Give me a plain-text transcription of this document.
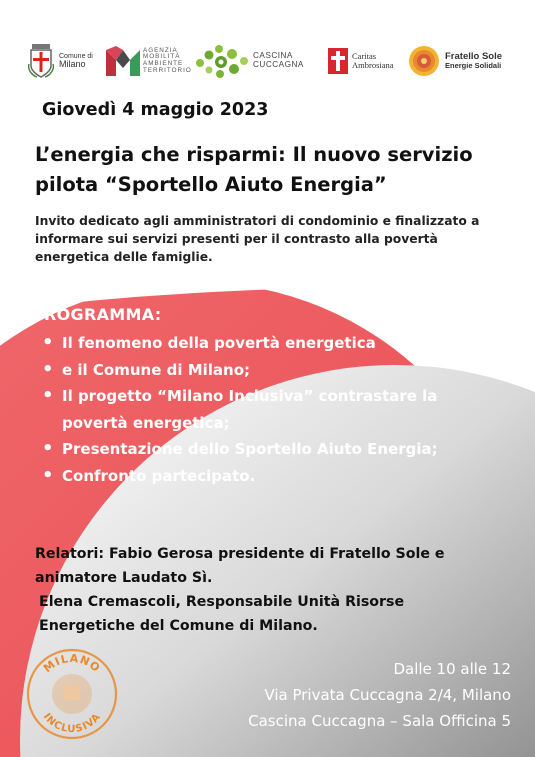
Comune di
Milano
AGENZIA
MOBILITÀ
AMBIENTE
TERRITORIO
CASCINA
CUCCAGNA
Caritas
Ambrosiana
Fratello Sole
Energie Solidali
Giovedì 4 maggio 2023
L’energia che risparmi: Il nuovo servizio
pilota “Sportello Aiuto Energia”
Invito dedicato agli amministratori di condominio e finalizzato a informare sui servizi presenti per il contrasto alla povertà energetica delle famiglie.
PROGRAMMA:
• Il fenomeno della povertà energetica
• e il Comune di Milano;
• Il progetto “Milano Inclusiva” contrastare la povertà energetica;
• Presentazione dello Sportello Aiuto Energia;
• Confronto partecipato.

Relatori: Fabio Gerosa presidente di Fratello Sole e animatore Laudato Sì.

Elena Cremascoli, Responsabile Unità Risorse Energetiche del Comune di Milano.

MILANO
INCLUSIVA

Dalle 10 alle 12

Via Privata Cuccagna 2/4, Milano

Cascina Cuccagna – Sala Officina 5
